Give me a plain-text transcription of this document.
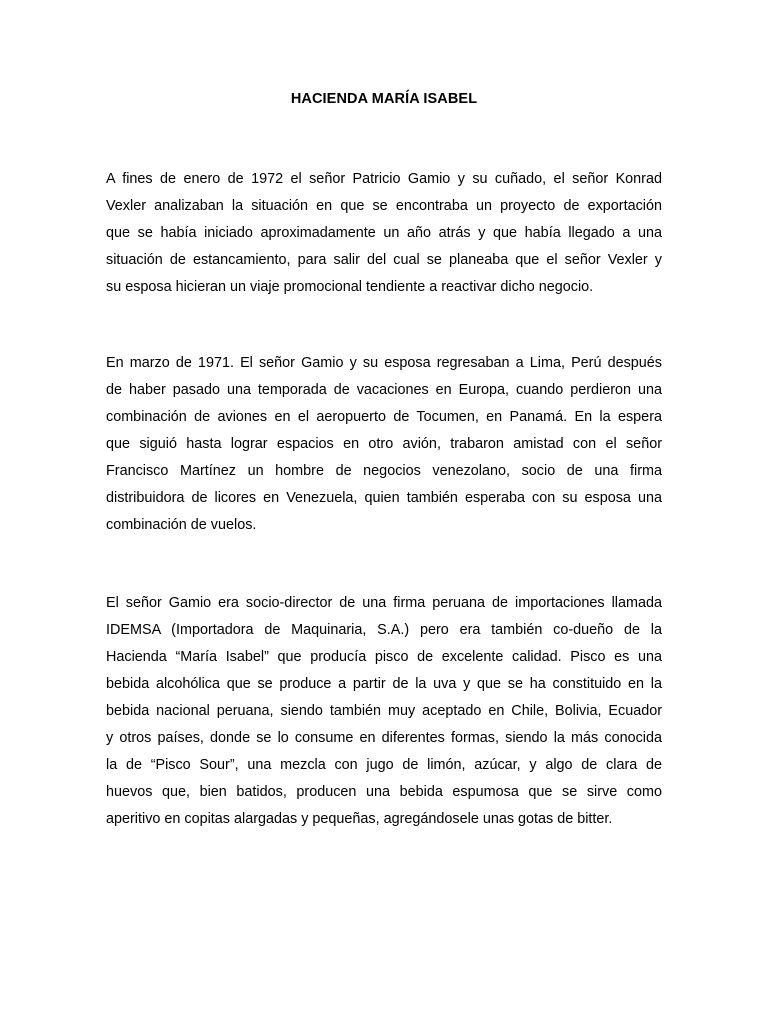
HACIENDA MARÍA ISABEL
A fines de enero de 1972 el señor Patricio Gamio y su cuñado, el señor Konrad
Vexler analizaban la situación en que se encontraba un proyecto de exportación
que se había iniciado aproximadamente un año atrás y que había llegado a una
situación de estancamiento, para salir del cual se planeaba que el señor Vexler y
su esposa hicieran un viaje promocional tendiente a reactivar dicho negocio.
En marzo de 1971. El señor Gamio y su esposa regresaban a Lima, Perú después
de haber pasado una temporada de vacaciones en Europa, cuando perdieron una
combinación de aviones en el aeropuerto de Tocumen, en Panamá. En la espera
que siguió hasta lograr espacios en otro avión, trabaron amistad con el señor
Francisco Martínez un hombre de negocios venezolano, socio de una firma
distribuidora de licores en Venezuela, quien también esperaba con su esposa una
combinación de vuelos.
El señor Gamio era socio-director de una firma peruana de importaciones llamada
IDEMSA (Importadora de Maquinaria, S.A.) pero era también co-dueño de la
Hacienda “María Isabel” que producía pisco de excelente calidad. Pisco es una
bebida alcohólica que se produce a partir de la uva y que se ha constituido en la
bebida nacional peruana, siendo también muy aceptado en Chile, Bolivia, Ecuador
y otros países, donde se lo consume en diferentes formas, siendo la más conocida
la de “Pisco Sour”, una mezcla con jugo de limón, azúcar, y algo de clara de
huevos que, bien batidos, producen una bebida espumosa que se sirve como
aperitivo en copitas alargadas y pequeñas, agregándosele unas gotas de bitter.
